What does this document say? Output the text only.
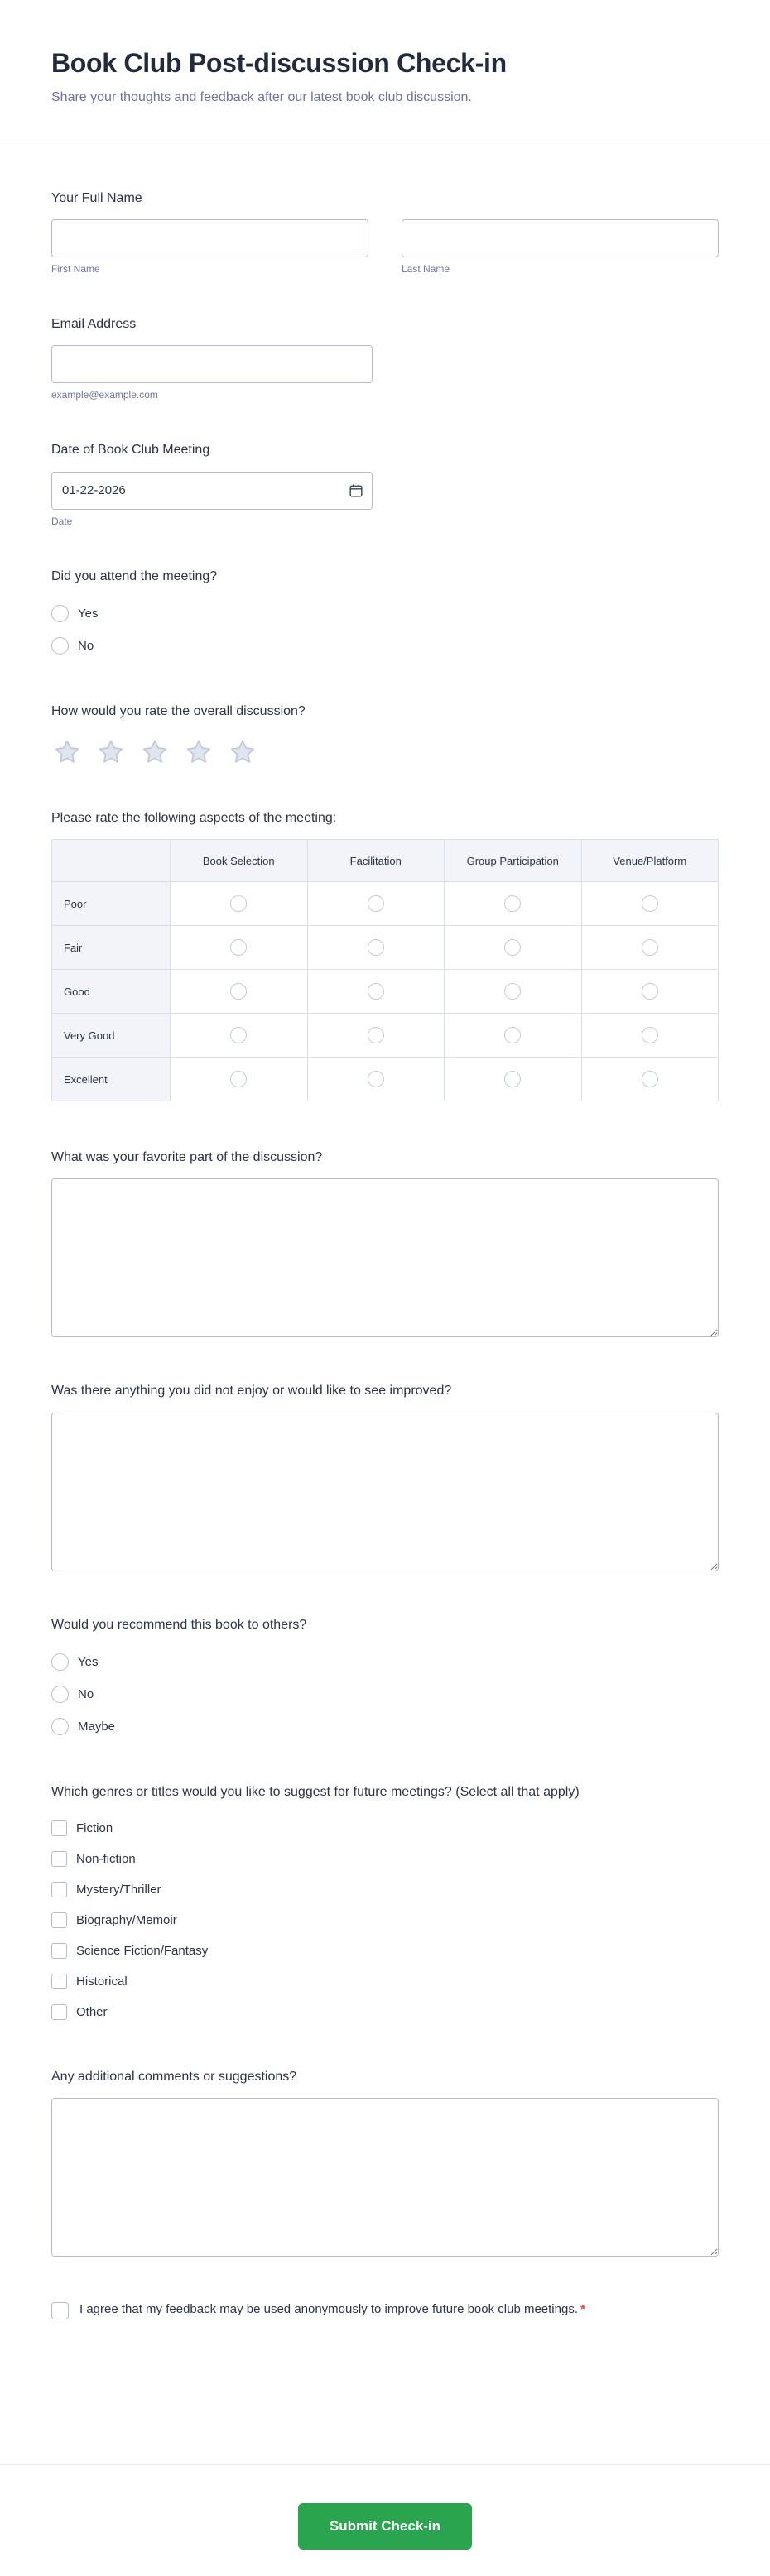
Book Club Post-discussion Check-in

Share your thoughts and feedback after our latest book club discussion.

Your Full Name
First Name	Last Name
Email Address
example@example.com
Date of Book Club Meeting
01-22-2026
Date
Did you attend the meeting?
Yes
No
How would you rate the overall discussion?
Please rate the following aspects of the meeting:
	Book Selection	Facilitation	Group Participation	Venue/Platform
Poor				
Fair				
Good				
Very Good				
Excellent				
What was your favorite part of the discussion?
Was there anything you did not enjoy or would like to see improved?
Would you recommend this book to others?
Yes
No
Maybe
Which genres or titles would you like to suggest for future meetings? (Select all that apply)
Fiction
Non-fiction
Mystery/Thriller
Biography/Memoir
Science Fiction/Fantasy
Historical
Other
Any additional comments or suggestions?
I agree that my feedback may be used anonymously to improve future book club meetings. *
Submit Check-in
